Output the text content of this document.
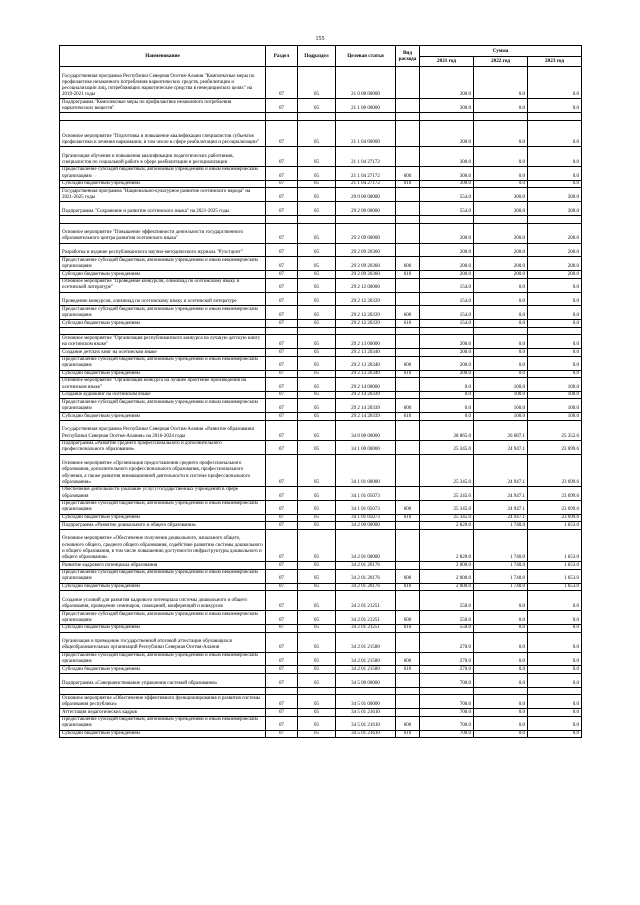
155
Наименование	Раздел	Подраздел	Целевая статья	Вид расхода	Сумма		
					2021 год	2022 год	2023 год
Государственная программа Республики Северная Осетия-Алания "Комплексные меры по профилактике незаконного потребления наркотических средств, реабилитации и ресоциализации лиц, потребляющих наркотические средства в немедицинских целях" на 2019-2021 годы	07	05	21 0 00 00000		300.0	0.0	0.0
Подпрограмма "Комплексные меры по профилактике незаконного потребления наркотических веществ"	07	05	21 1 00 00000		300.0	0.0	0.0

Основное мероприятие "Подготовка и повышение квалификации специалистов субъектов профилактики и лечения наркомании, в том числе в сфере реабилитации и ресоциализации"	07	05	21 1 04 00000		300.0	0.0	0.0
Организация обучения и повышения квалификации педагогических работников, специалистов по социальной работе в сфере реабилитации и ресоциализации	07	05	21 1 04 27172		300.0	0.0	0.0
Предоставление субсидий бюджетным, автономным учреждениям и иным некоммерческим организациям	07	05	21 1 04 27172	600	300.0	0.0	0.0
Субсидии бюджетным учреждениям	07	05	21 1 04 27172	610	300.0	0.0	0.0
Государственная программа "Национально-культурное развитие осетинского народа" на 2021-2025 годы	07	05	29 0 00 00000		554.0	300.0	300.0
Подпрограмма "Сохранение и развитие осетинского языка" на 2021-2025 годы	07	05	29 2 00 00000		554.0	300.0	300.0

Основное мероприятие "Повышение эффективности деятельности государственного образовательного центра развития осетинского языка"	07	05	29 2 09 00000		200.0	200.0	200.0
Разработка и издание республиканского научно-методического журнала "Рухстауæг"	07	05	29 2 09 20360		200.0	200.0	200.0
Предоставление субсидий бюджетным, автономным учреждениям и иным некоммерческим организациям	07	05	29 2 09 20360	600	200.0	200.0	200.0
Субсидии бюджетным учреждениям	07	05	29 2 09 20360	610	200.0	200.0	200.0
Основное мероприятие "Проведение конкурсов, олимпиад по осетинскому языку и осетинской литературе"	07	05	29 2 12 00000		154.0	0.0	0.0
Проведение конкурсов, олимпиад по осетинскому языку и осетинской литературе	07	05	29 2 12 20339		154.0	0.0	0.0
Предоставление субсидий бюджетным, автономным учреждениям и иным некоммерческим организациям	07	05	29 2 12 20339	600	154.0	0.0	0.0
Субсидии бюджетным учреждениям	07	05	29 2 12 20339	610	154.0	0.0	0.0

Основное мероприятие "Организация республиканского конкурса на лучшую детскую книгу на осетинском языке"	07	05	29 2 13 00000		200.0	0.0	0.0
Создание детских книг на осетинском языке	07	05	29 2 13 20340		200.0	0.0	0.0
Предоставление субсидий бюджетным, автономным учреждениям и иным некоммерческим организациям	07	05	29 2 13 20340	600	200.0	0.0	0.0
Субсидии бюджетным учреждениям	07	05	29 2 13 20340	610	200.0	0.0	0.0
Основное мероприятие "Организация конкурса на лучшее прочтение произведения на осетинском языке"	07	05	29 2 14 00000		0.0	100.0	100.0
Создание аудиокниг на осетинском языке	07	05	29 2 14 20339		0.0	100.0	100.0
Предоставление субсидий бюджетным, автономным учреждениям и иным некоммерческим организациям	07	05	29 2 14 20339	600	0.0	100.0	100.0
Субсидии бюджетным учреждениям	07	05	29 2 14 20339	610	0.0	100.0	100.0
Государственная программа Республики Северная Осетия-Алания «Развитие образования Республики Северная Осетия-Алания» на 2016-2024 годы	07	05	34 0 00 00000		28 865.0	26 687.1	25 352.6
Подпрограмма «Развитие среднего профессионального и дополнительного профессионального образования»	07	05	34 1 00 00000		25 345.0	24 947.1	23 699.6
Основное мероприятие «Организация предоставления среднего профессионального образования, дополнительного профессионального образования, профессионального обучения, а также развития инновационной деятельности в системе профессионального образования»	07	05	34 1 01 00000		25 345.0	24 947.1	23 699.6
Обеспечение деятельности (оказание услуг) государственных учреждений в сфере образования	07	05	34 1 01 05073		25 345.0	24 947.1	23 699.6
Предоставление субсидий бюджетным, автономным учреждениям и иным некоммерческим организациям	07	05	34 1 01 05073	600	25 345.0	24 947.1	23 699.6
Субсидии бюджетным учреждениям	07	05	34 1 01 05073	610	25 345.0	24 947.1	23 699.6
Подпрограмма «Развитие дошкольного и общего образования»	07	05	34 2 00 00000		2 820.0	1 740.0	1 653.0
Основное мероприятие «Обеспечение получения дошкольного, начального общего, основного общего, среднего общего образования, содействие развитию системы дошкольного и общего образования, в том числе повышению доступности инфраструктуры дошкольного и общего образования»	07	05	34 2 01 00000		2 820.0	1 740.0	1 653.0
Развитие кадрового потенциала образования	07	05	34 2 01 20176		2 000.0	1 740.0	1 653.0
Предоставление субсидий бюджетным, автономным учреждениям и иным некоммерческим организациям	07	05	34 2 01 20176	600	2 000.0	1 740.0	1 653.0
Субсидии бюджетным учреждениям	07	05	34 2 01 20176	610	2 000.0	1 740.0	1 653.0
Создание условий для развития кадрового потенциала системы дошкольного и общего образования, проведение семинаров, совещаний, конференций и конкурсов	07	05	34 2 01 21251		550.0	0.0	0.0
Предоставление субсидий бюджетным, автономным учреждениям и иным некоммерческим организациям	07	05	34 2 01 21251	600	550.0	0.0	0.0
Субсидии бюджетным учреждениям	07	05	34 2 01 21251	610	550.0	0.0	0.0
Организация и проведение государственной итоговой аттестации обучающихся общеобразовательных организаций Республики Северная Осетия-Алания	07	05	34 2 01 21580		270.0	0.0	0.0
Предоставление субсидий бюджетным, автономным учреждениям и иным некоммерческим организациям	07	05	34 2 01 21580	600	270.0	0.0	0.0
Субсидии бюджетным учреждениям	07	05	34 2 01 21580	610	270.0	0.0	0.0
Подпрограмма «Совершенствование управления системой образования»	07	05	34 5 00 00000		700.0	0.0	0.0

Основное мероприятие «Обеспечение эффективного функционирования и развития системы образования республики»	07	05	34 5 01 00000		700.0	0.0	0.0
Аттестация педагогических кадров	07	05	34 5 01 21610		700.0	0.0	0.0
Предоставление субсидий бюджетным, автономным учреждениям и иным некоммерческим организациям	07	05	34 5 01 21610	600	700.0	0.0	0.0
Субсидии бюджетным учреждениям	07	05	34 5 01 21610	610	700.0	0.0	0.0
